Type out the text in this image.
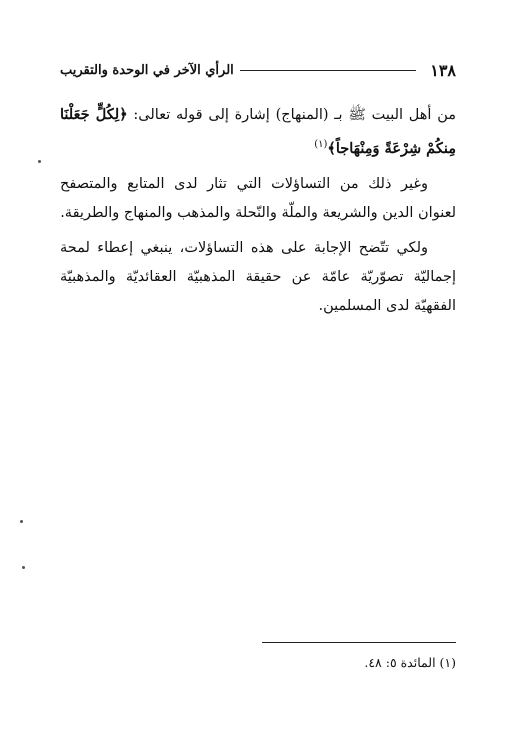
١٣٨
الرأي الآخر في الوحدة والتقريب

من أهل البيت ﷺ بـ (المنهاج) إشارة إلى قوله تعالى: ﴿لِكُلٍّ جَعَلْنَا مِنكُمْ شِرْعَةً وَمِنْهَاجاً﴾$^{(١)}$

وغير ذلك من التساؤلات التي تثار لدى المتابع والمتصفح لعنوان الدين والشريعة والملّة والنّحلة والمذهب والمنهاج والطريقة.

ولكي تتّضح الإجابة على هذه التساؤلات، ينبغي إعطاء لمحة إجماليّة تصوّريّة عامّة عن حقيقة المذهبيّة العقائديّة والمذهبيّة الفقهيّة لدى المسلمين.

(١) المائدة ٥: ٤٨.
